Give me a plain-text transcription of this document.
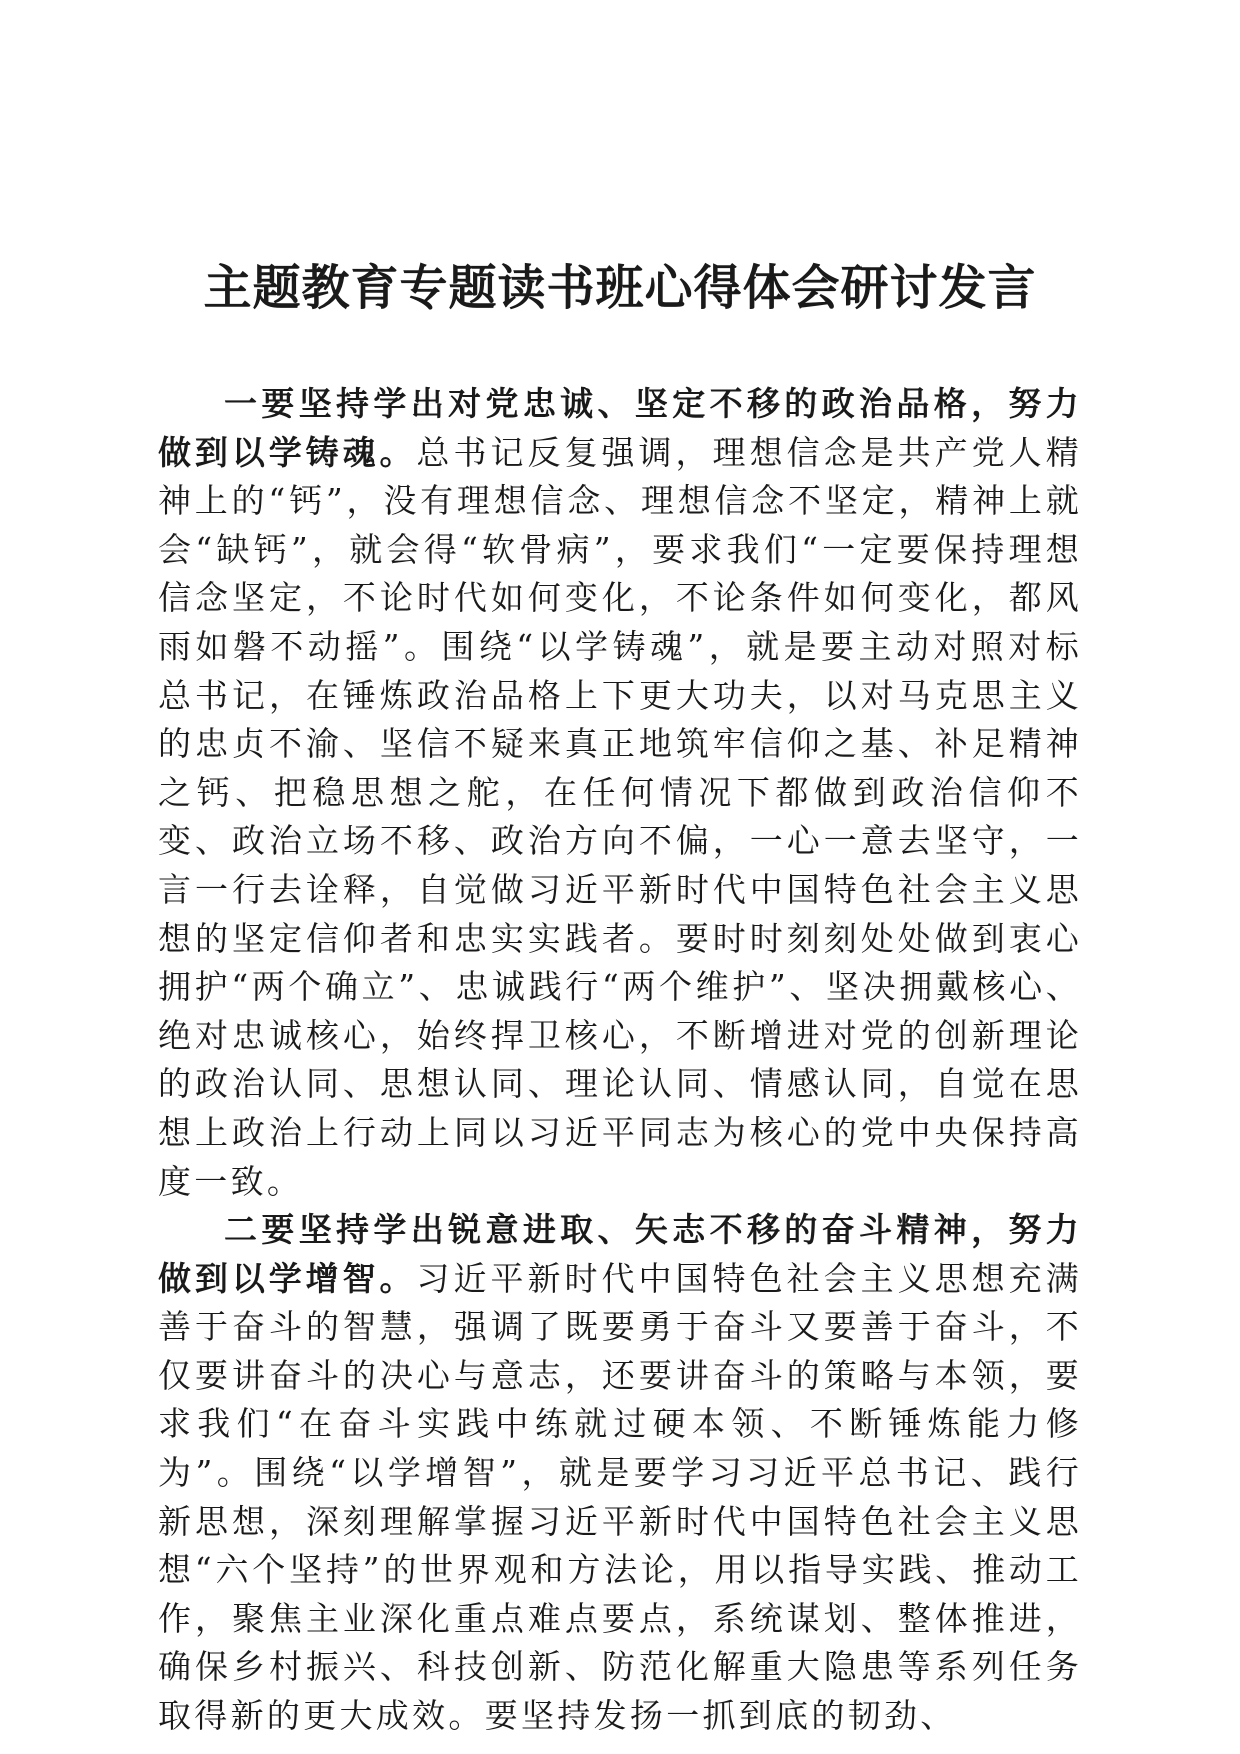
主题教育专题读书班心得体会研讨发言

一要坚持学出对党忠诚、坚定不移的政治品格，努力做到以学铸魂。总书记反复强调，理想信念是共产党人精神上的“钙”，没有理想信念、理想信念不坚定，精神上就会“缺钙”，就会得“软骨病”，要求我们“一定要保持理想信念坚定，不论时代如何变化，不论条件如何变化，都风雨如磐不动摇”。围绕“以学铸魂”，就是要主动对照对标总书记，在锤炼政治品格上下更大功夫，以对马克思主义的忠贞不渝、坚信不疑来真正地筑牢信仰之基、补足精神之钙、把稳思想之舵，在任何情况下都做到政治信仰不变、政治立场不移、政治方向不偏，一心一意去坚守，一言一行去诠释，自觉做习近平新时代中国特色社会主义思想的坚定信仰者和忠实实践者。要时时刻刻处处做到衷心拥护“两个确立”、忠诚践行“两个维护”、坚决拥戴核心、绝对忠诚核心，始终捍卫核心，不断增进对党的创新理论的政治认同、思想认同、理论认同、情感认同，自觉在思想上政治上行动上同以习近平同志为核心的党中央保持高度一致。

二要坚持学出锐意进取、矢志不移的奋斗精神，努力做到以学增智。习近平新时代中国特色社会主义思想充满善于奋斗的智慧，强调了既要勇于奋斗又要善于奋斗，不仅要讲奋斗的决心与意志，还要讲奋斗的策略与本领，要求我们“在奋斗实践中练就过硬本领、不断锤炼能力修为”。围绕“以学增智”，就是要学习习近平总书记、践行新思想，深刻理解掌握习近平新时代中国特色社会主义思想“六个坚持”的世界观和方法论，用以指导实践、推动工作，聚焦主业深化重点难点要点，系统谋划、整体推进，确保乡村振兴、科技创新、防范化解重大隐患等系列任务取得新的更大成效。要坚持发扬一抓到底的韧劲、
